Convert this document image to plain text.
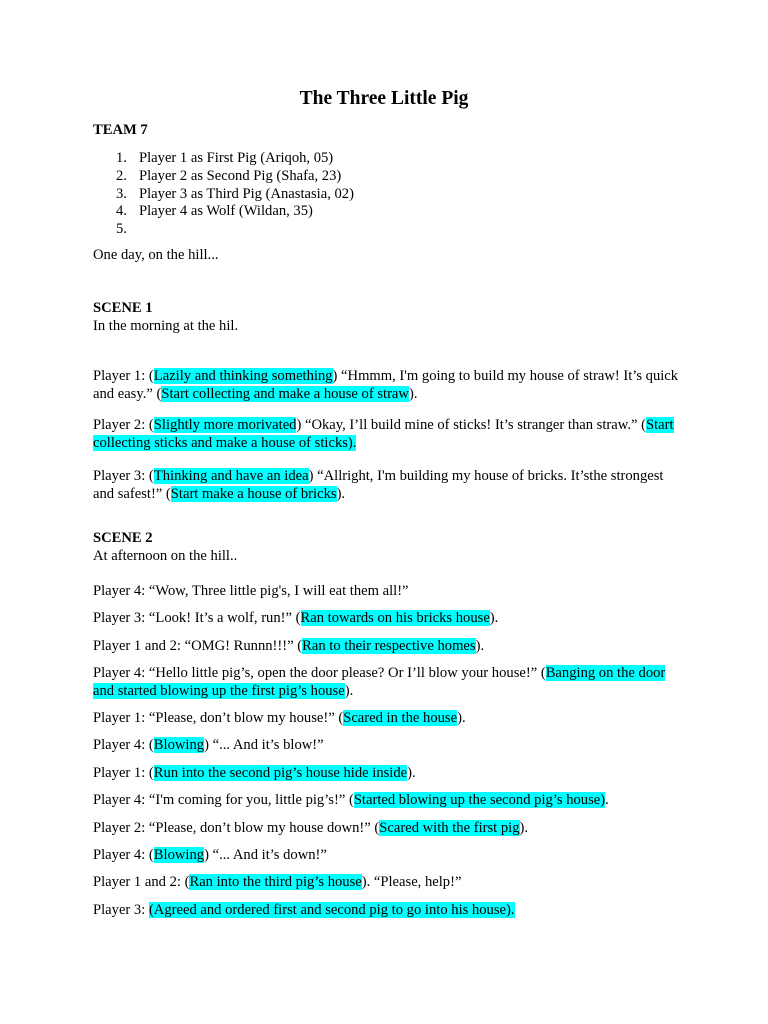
The Three Little Pig
TEAM 7
1. Player 1 as First Pig (Ariqoh, 05)
2. Player 2 as Second Pig (Shafa, 23)
3. Player 3 as Third Pig (Anastasia, 02)
4. Player 4 as Wolf (Wildan, 35)
5.

One day, on the hill...

SCENE 1

In the morning at the hil.

Player 1: (Lazily and thinking something) “Hmmm, I'm going to build my house of straw! It’s quick and easy.” (Start collecting and make a house of straw).

Player 2: (Slightly more morivated) “Okay, I’ll build mine of sticks! It’s stranger than straw.” (Start collecting sticks and make a house of sticks).

Player 3: (Thinking and have an idea) “Allright, I'm building my house of bricks. It’sthe strongest and safest!” (Start make a house of bricks).

SCENE 2

At afternoon on the hill..

Player 4: “Wow, Three little pig's, I will eat them all!”

Player 3: “Look! It’s a wolf, run!” (Ran towards on his bricks house).

Player 1 and 2: “OMG! Runnn!!!” (Ran to their respective homes).

Player 4: “Hello little pig’s, open the door please? Or I’ll blow your house!” (Banging on the door and started blowing up the first pig’s house).

Player 1: “Please, don’t blow my house!” (Scared in the house).

Player 4: (Blowing) “... And it’s blow!”

Player 1: (Run into the second pig’s house hide inside).

Player 4: “I'm coming for you, little pig’s!” (Started blowing up the second pig’s house).

Player 2: “Please, don’t blow my house down!” (Scared with the first pig).

Player 4: (Blowing) “... And it’s down!”

Player 1 and 2: (Ran into the third pig’s house). “Please, help!”

Player 3: (Agreed and ordered first and second pig to go into his house).
